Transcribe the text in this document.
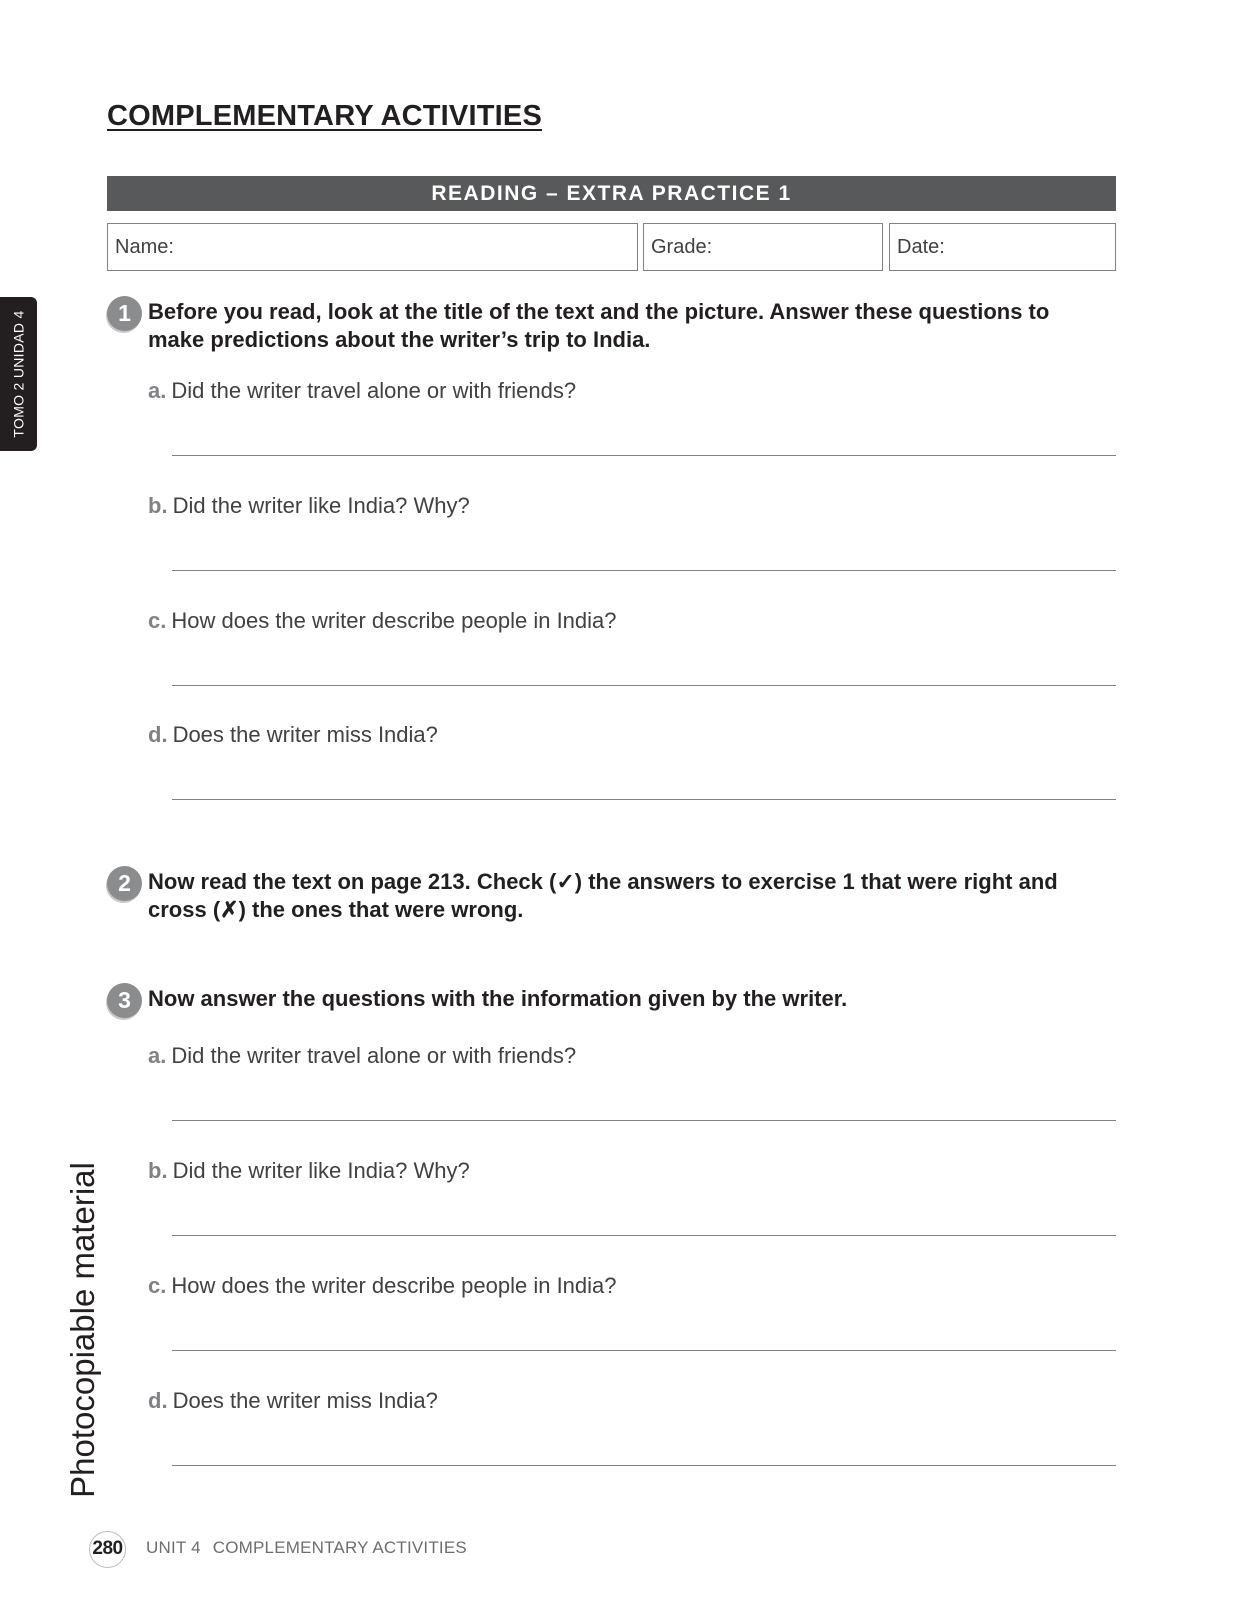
COMPLEMENTARY ACTIVITIES
READING – EXTRA PRACTICE 1
Name:	Grade:	Date:
TOMO 2 UNIDAD 4
Photocopiable material
1 Before you read, look at the title of the text and the picture. Answer these questions to make predictions about the writer’s trip to India.
a. Did the writer travel alone or with friends?
b. Did the writer like India? Why?
c. How does the writer describe people in India?
d. Does the writer miss India?
2 Now read the text on page 213. Check (✓) the answers to exercise 1 that were right and cross (✗) the ones that were wrong.
3 Now answer the questions with the information given by the writer.
a. Did the writer travel alone or with friends?
b. Did the writer like India? Why?
c. How does the writer describe people in India?
d. Does the writer miss India?
280 UNIT 4 COMPLEMENTARY ACTIVITIES
